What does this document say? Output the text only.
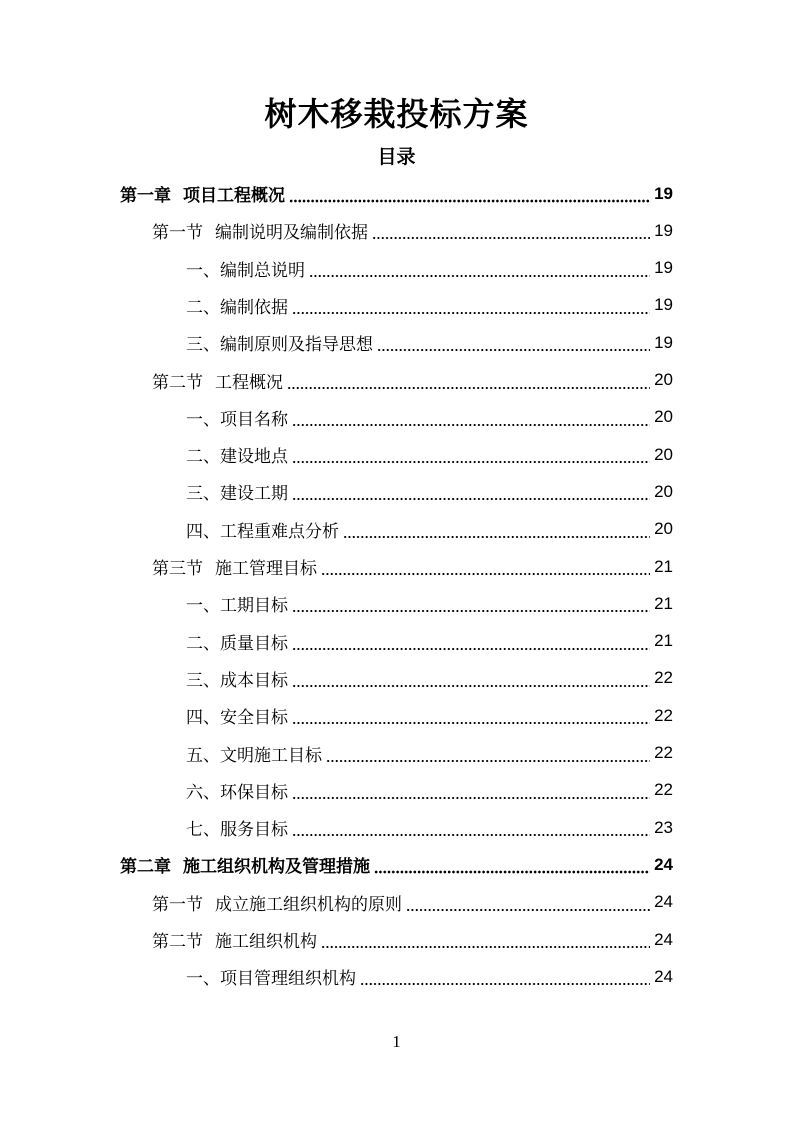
树木移栽投标方案
目录
第一章 项目工程概况	19
第一节 编制说明及编制依据	19
一、 编制总说明	19
二、 编制依据	19
三、 编制原则及指导思想	19
第二节 工程概况	20
一、 项目名称	20
二、 建设地点	20
三、 建设工期	20
四、 工程重难点分析	20
第三节 施工管理目标	21
一、 工期目标	21
二、 质量目标	21
三、 成本目标	22
四、 安全目标	22
五、 文明施工目标	22
六、 环保目标	22
七、 服务目标	23
第二章 施工组织机构及管理措施	24
第一节 成立施工组织机构的原则	24
第二节 施工组织机构	24
一、 项目管理组织机构	24
1
